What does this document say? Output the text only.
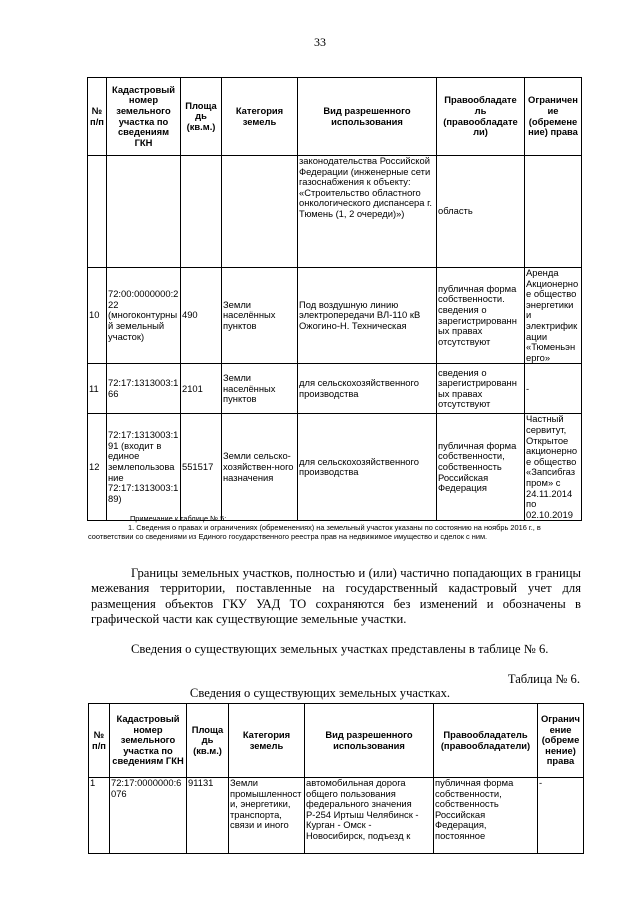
33
№ п/п	Кадастровый номер земельного участка по сведениям ГКН	Площа дь (кв.м.)	Категория земель	Вид разрешенного использования	Правообладате ль (правообладате ли)	Ограничение (обременение) права
				законодательства Российской Федерации (инженерные сети газоснабжения к объекту: «Строительство областного онкологического диспансера г. Тюмень (1, 2 очереди)»)	область	
10	72:00:0000000:222 (многоконтурный земельный участок)	490	Земли населённых пунктов	Под воздушную линию электропередачи ВЛ-110 кВ Ожогино-Н. Техническая	публичная форма собственности. сведения о зарегистрированных правах отсутствуют	Аренда Акционерное общество энергетики и электрификации «Тюменьэнерго»
11	72:17:1313003:166	2101	Земли населённых пунктов	для сельскохозяйственного производства	сведения о зарегистрированных правах отсутствуют	-
12	72:17:1313003:191 (входит в единое землепользование 72:17:1313003:189)	551517	Земли сельско-хозяйствен-ного назначения	для сельскохозяйственного производства	публичная форма собственности, собственность Российская Федерация	Частный сервитут, Открытое акционерное общество «Запсибгазпром» с 24.11.2014 по 02.10.2019
Примечание к таблице № 5:
1. Сведения о правах и ограничениях (обременениях) на земельный участок указаны по состоянию на ноябрь 2016 г., в соответствии со сведениями из Единого государственного реестра прав на недвижимое имущество и сделок с ним.
Границы земельных участков, полностью и (или) частично попадающих в границы межевания территории, поставленные на государственный кадастровый учет для размещения объектов ГКУ УАД ТО сохраняются без изменений и обозначены в графической части как существующие земельные участки.
Сведения о существующих земельных участках представлены в таблице № 6.
Таблица № 6.
Сведения о существующих земельных участках.
№ п/п	Кадастровый номер земельного участка по сведениям ГКН	Площа дь (кв.м.)	Категория земель	Вид разрешенного использования	Правообладатель (правообладатели)	Ограничение (обременение) права
1	72:17:0000000:6076	91131	Земли промышленности, энергетики, транспорта, связи и иного	автомобильная дорога общего пользования федерального значения Р-254 Иртыш Челябинск - Курган - Омск - Новосибирск, подъезд к	публичная форма собственности, собственность Российская Федерация, постоянное	-
